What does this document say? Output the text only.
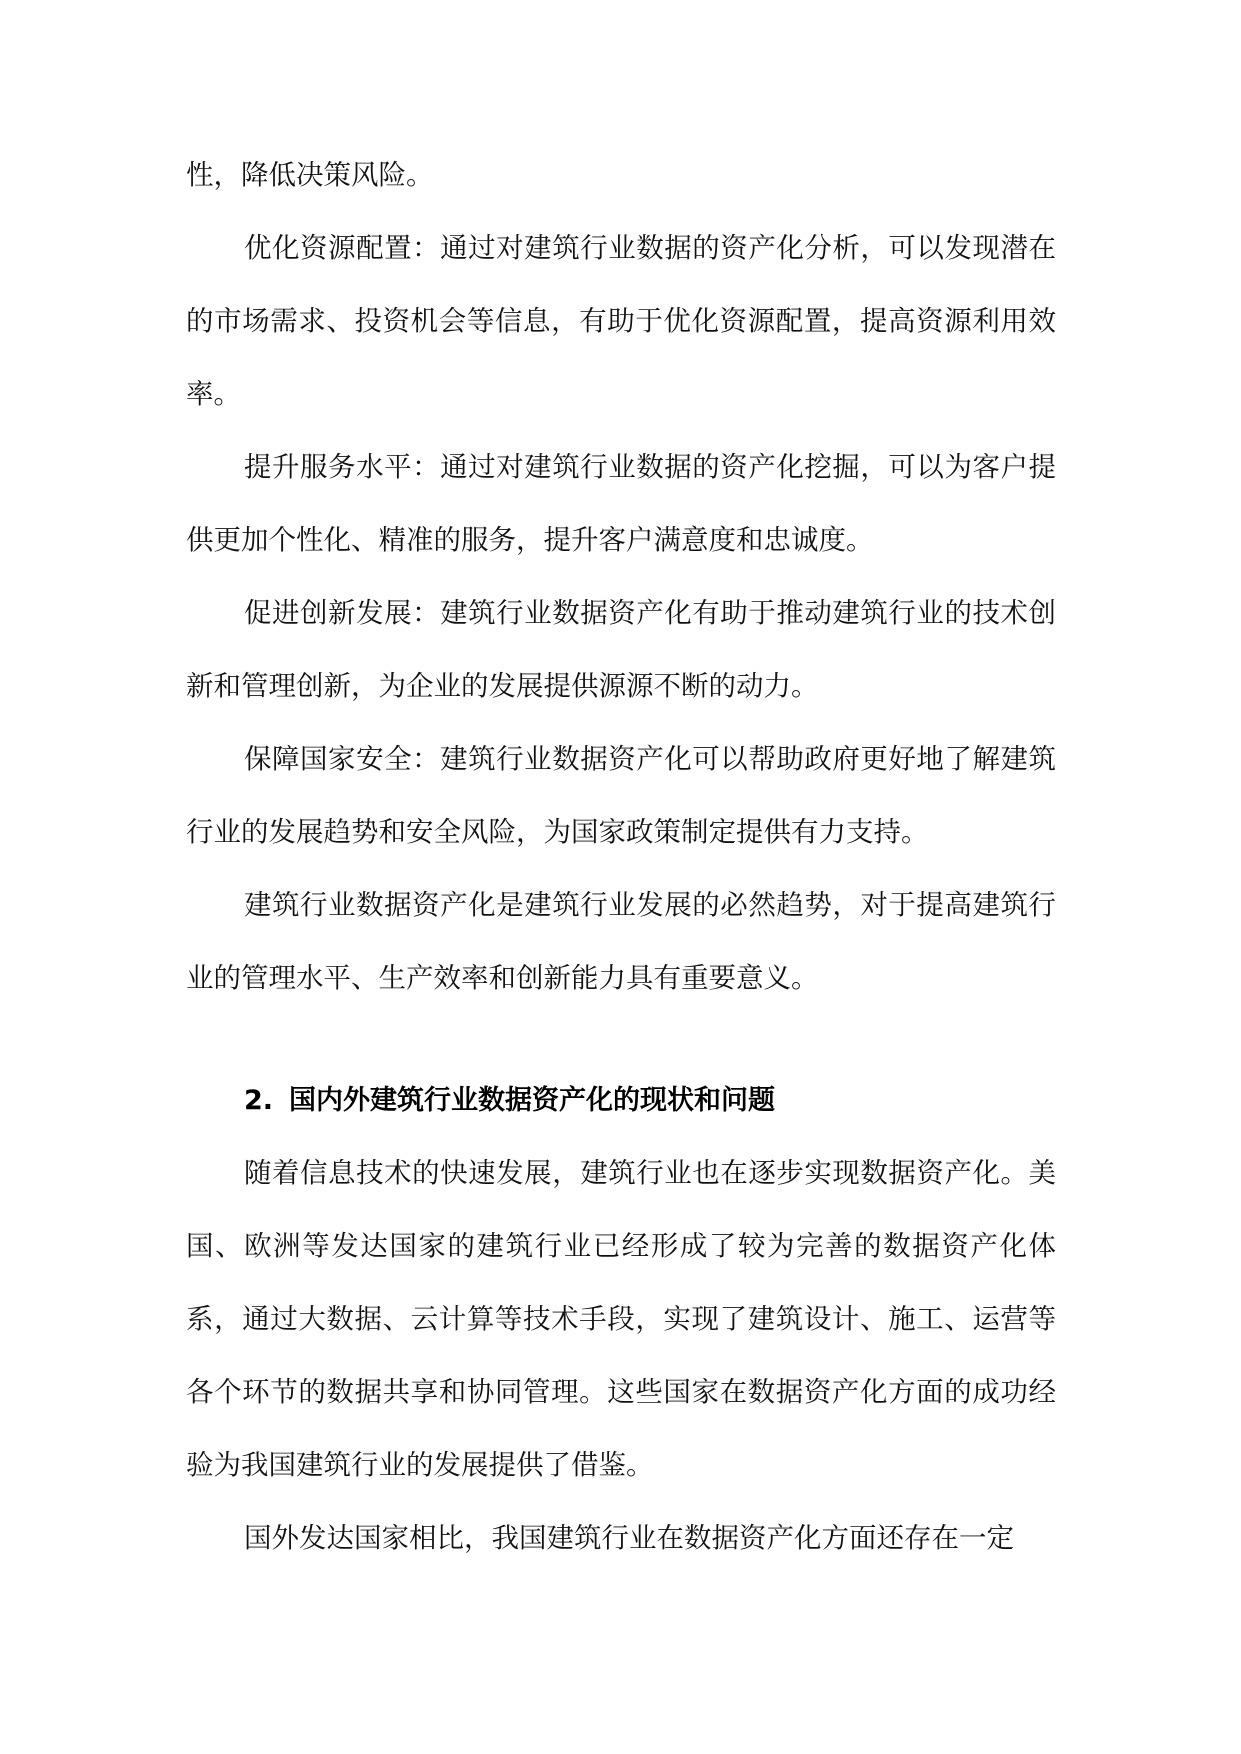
性，降低决策风险。

优化资源配置：通过对建筑行业数据的资产化分析，可以发现潜在的市场需求、投资机会等信息，有助于优化资源配置，提高资源利用效率。

提升服务水平：通过对建筑行业数据的资产化挖掘，可以为客户提供更加个性化、精准的服务，提升客户满意度和忠诚度。

促进创新发展：建筑行业数据资产化有助于推动建筑行业的技术创新和管理创新，为企业的发展提供源源不断的动力。

保障国家安全：建筑行业数据资产化可以帮助政府更好地了解建筑行业的发展趋势和安全风险，为国家政策制定提供有力支持。

建筑行业数据资产化是建筑行业发展的必然趋势，对于提高建筑行业的管理水平、生产效率和创新能力具有重要意义。

2. 国内外建筑行业数据资产化的现状和问题

随着信息技术的快速发展，建筑行业也在逐步实现数据资产化。美国、欧洲等发达国家的建筑行业已经形成了较为完善的数据资产化体系，通过大数据、云计算等技术手段，实现了建筑设计、施工、运营等各个环节的数据共享和协同管理。这些国家在数据资产化方面的成功经验为我国建筑行业的发展提供了借鉴。

国外发达国家相比，我国建筑行业在数据资产化方面还存在一定
